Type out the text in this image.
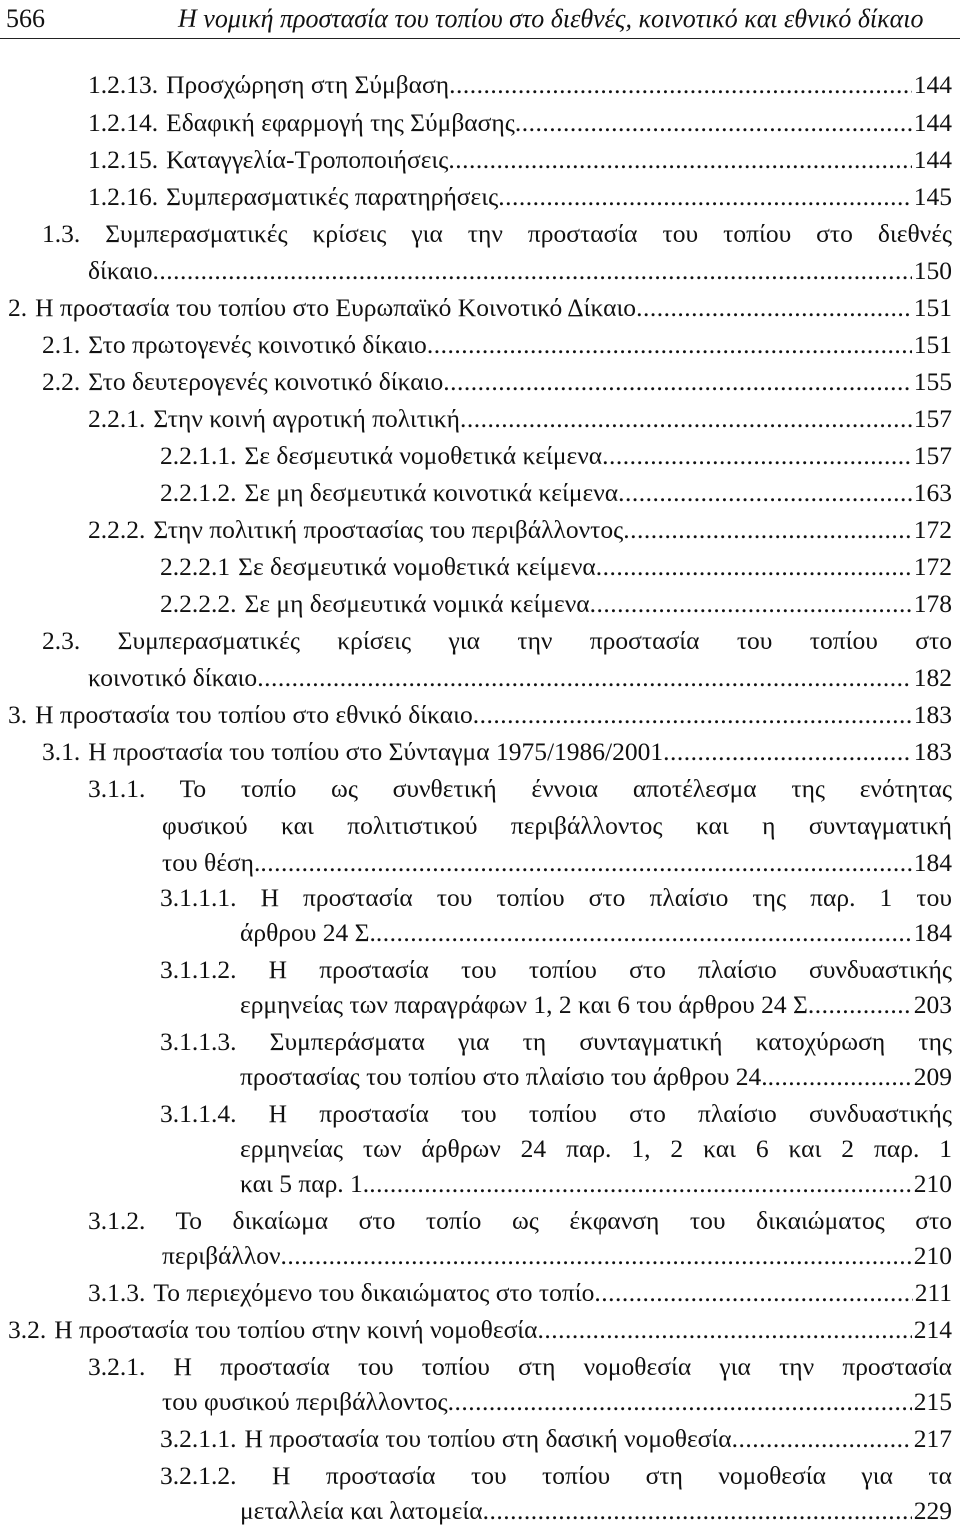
566	Η νομική προστασία του τοπίου στο διεθνές, κοινοτικό και εθνικό δίκαιο
1.2.13. Προσχώρηση στη Σύμβαση .....	144
1.2.14. Εδαφική εφαρμογή της Σύμβασης .....	144
1.2.15. Καταγγελία-Τροποποιήσεις .....	144
1.2.16. Συμπερασματικές παρατηρήσεις .....	145
1.3. Συμπερασματικές κρίσεις για την προστασία του τοπίου στο διεθνές
δίκαιο .....	150
2. Η προστασία του τοπίου στο Ευρωπαϊκό Κοινοτικό Δίκαιο .....	151
2.1. Στο πρωτογενές κοινοτικό δίκαιο .....	151
2.2. Στο δευτερογενές κοινοτικό δίκαιο .....	155
2.2.1. Στην κοινή αγροτική πολιτική .....	157
2.2.1.1. Σε δεσμευτικά νομοθετικά κείμενα .....	157
2.2.1.2. Σε μη δεσμευτικά κοινοτικά κείμενα .....	163
2.2.2. Στην πολιτική προστασίας του περιβάλλοντος .....	172
2.2.2.1 Σε δεσμευτικά νομοθετικά κείμενα .....	172
2.2.2.2. Σε μη δεσμευτικά νομικά κείμενα .....	178
2.3. Συμπερασματικές κρίσεις για την προστασία του τοπίου στο
κοινοτικό δίκαιο .....	182
3. Η προστασία του τοπίου στο εθνικό δίκαιο .....	183
3.1. Η προστασία του τοπίου στο Σύνταγμα 1975/1986/2001 .....	183
3.1.1. Το τοπίο ως συνθετική έννοια αποτέλεσμα της ενότητας
φυσικού και πολιτιστικού περιβάλλοντος και η συνταγματική
του θέση. .....	184
3.1.1.1. Η προστασία του τοπίου στο πλαίσιο της παρ. 1 του
άρθρου 24 Σ. .....	184
3.1.1.2. Η προστασία του τοπίου στο πλαίσιο συνδυαστικής
ερμηνείας των παραγράφων 1, 2 και 6 του άρθρου 24 Σ .....	203
3.1.1.3. Συμπεράσματα για τη συνταγματική κατοχύρωση της
προστασίας του τοπίου στο πλαίσιο του άρθρου 24. .....	209
3.1.1.4. Η προστασία του τοπίου στο πλαίσιο συνδυαστικής
ερμηνείας των άρθρων 24 παρ. 1, 2 και 6 και 2 παρ. 1
και 5 παρ. 1. .....	210
3.1.2. Το δικαίωμα στο τοπίο ως έκφανση του δικαιώματος στο
περιβάλλον .....	210
3.1.3. Το περιεχόμενο του δικαιώματος στο τοπίο .....	211
3.2. Η προστασία του τοπίου στην κοινή νομοθεσία .....	214
3.2.1. Η προστασία του τοπίου στη νομοθεσία για την προστασία
του φυσικού περιβάλλοντος .....	215
3.2.1.1. Η προστασία του τοπίου στη δασική νομοθεσία .....	217
3.2.1.2. Η προστασία του τοπίου στη νομοθεσία για τα
μεταλλεία και λατομεία .....	229
